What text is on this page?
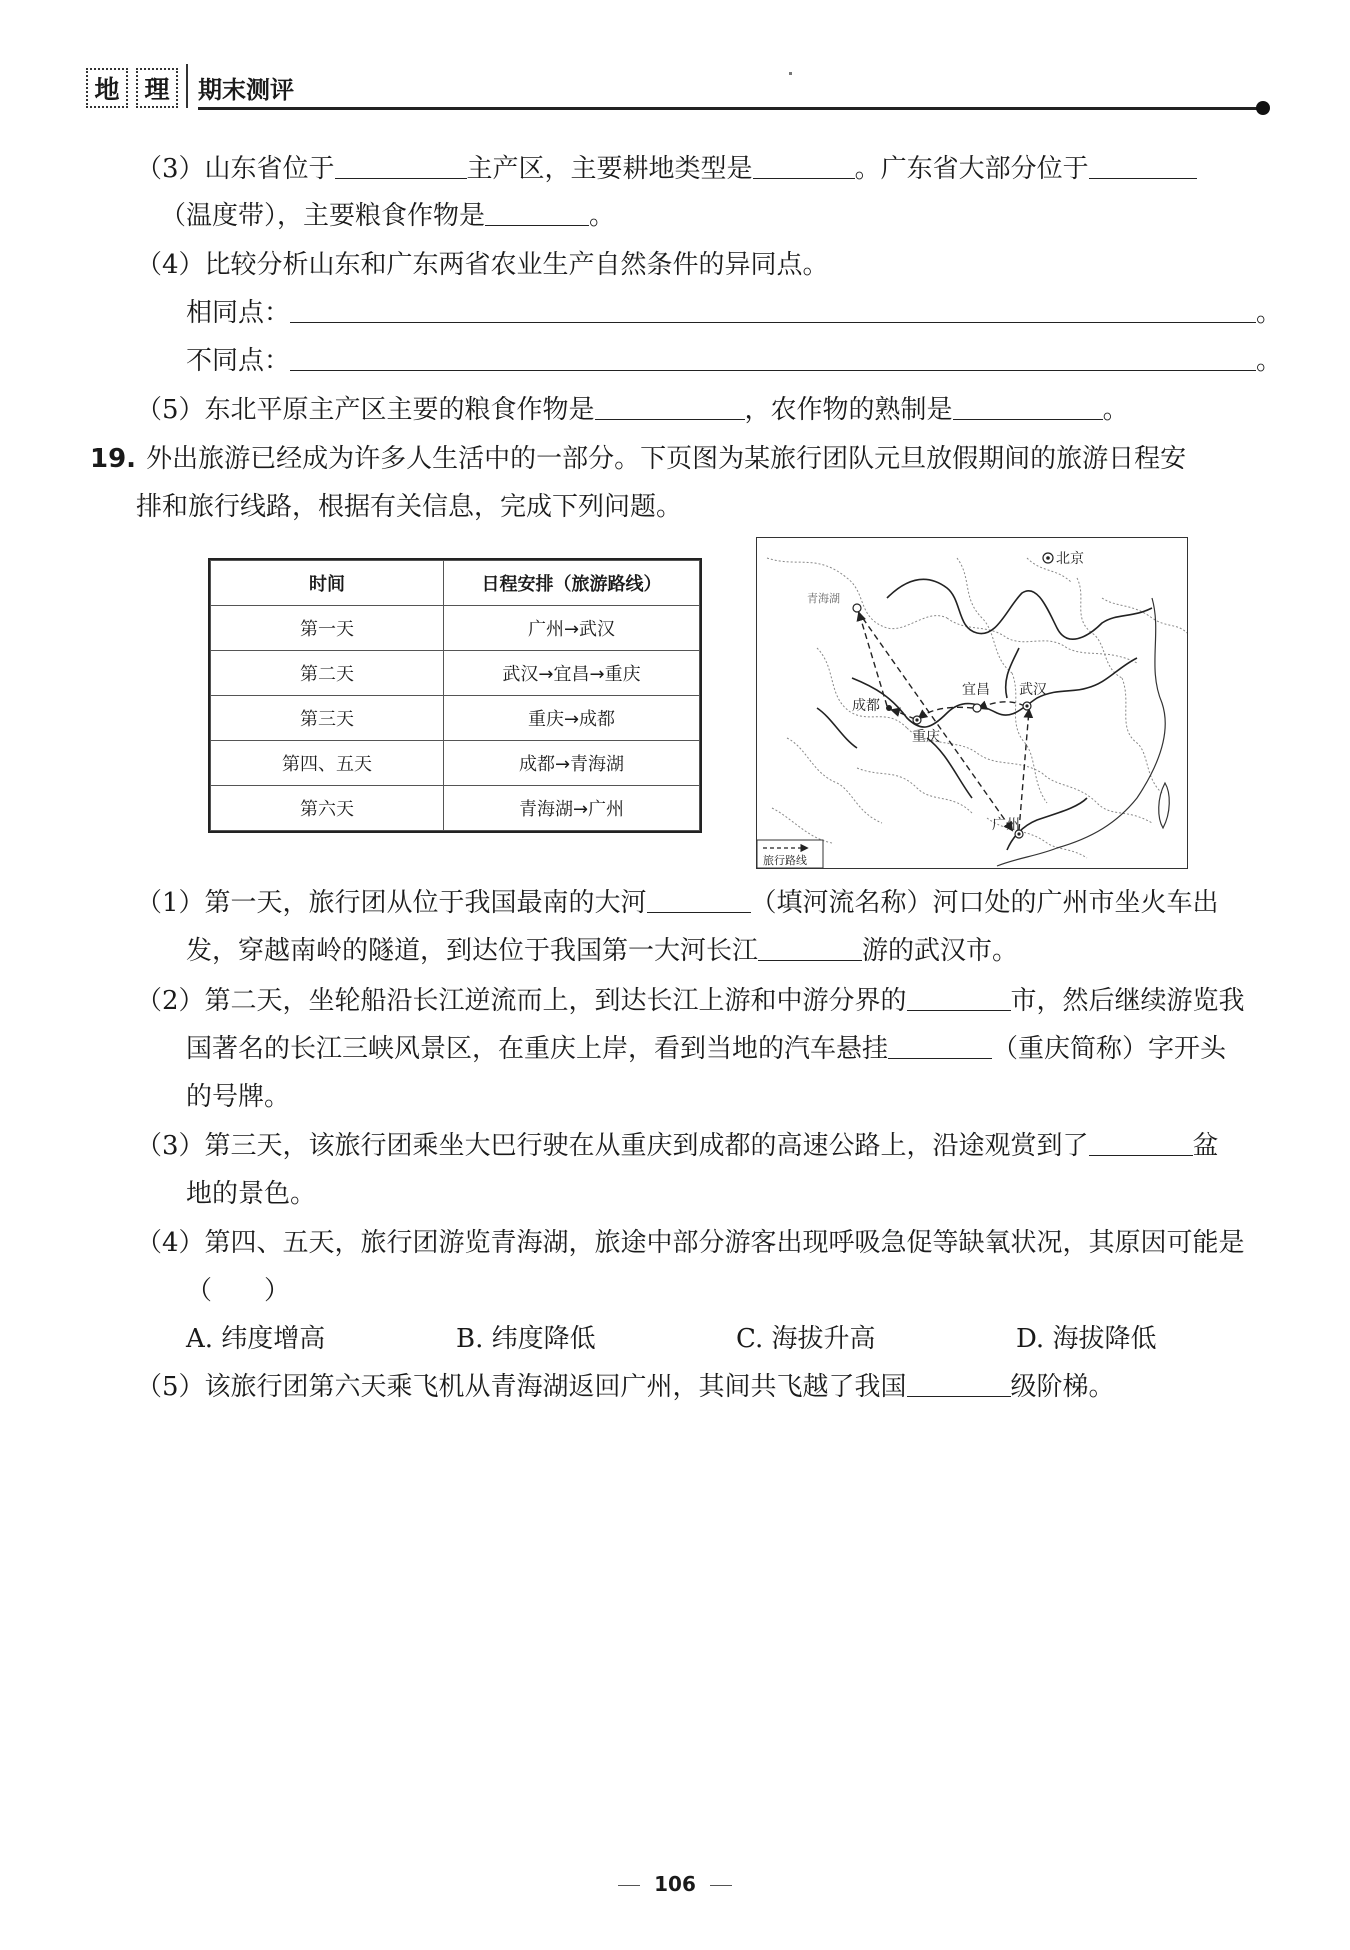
地 理	期末测评
（3）山东省位于	主产区，主要耕地类型是	。广东省大部分位于
（温度带），主要粮食作物是	。
（4）比较分析山东和广东两省农业生产自然条件的异同点。
相同点：	。
不同点：	。
（5）东北平原主产区主要的粮食作物是	，农作物的熟制是	。
19. 外出旅游已经成为许多人生活中的一部分。下页图为某旅行团队元旦放假期间的旅游日程安
排和旅行线路，根据有关信息，完成下列问题。
时间	日程安排（旅游路线）
第一天	广州→武汉
第二天	武汉→宜昌→重庆
第三天	重庆→成都
第四、五天	成都→青海湖
第六天	青海湖→广州
北京
青海湖
成都
重庆
宜昌 武汉
广州
旅行路线
（1）第一天，旅行团从位于我国最南的大河	（填河流名称）河口处的广州市坐火车出
发，穿越南岭的隧道，到达位于我国第一大河长江	游的武汉市。
（2）第二天，坐轮船沿长江逆流而上，到达长江上游和中游分界的	市，然后继续游览我
国著名的长江三峡风景区，在重庆上岸，看到当地的汽车悬挂	（重庆简称）字开头
的号牌。
（3）第三天，该旅行团乘坐大巴行驶在从重庆到成都的高速公路上，沿途观赏到了	盆
地的景色。
（4）第四、五天，旅行团游览青海湖，旅途中部分游客出现呼吸急促等缺氧状况，其原因可能是
（　　）
A. 纬度增高	B. 纬度降低	C. 海拔升高	D. 海拔降低
（5）该旅行团第六天乘飞机从青海湖返回广州，其间共飞越了我国	级阶梯。
106
